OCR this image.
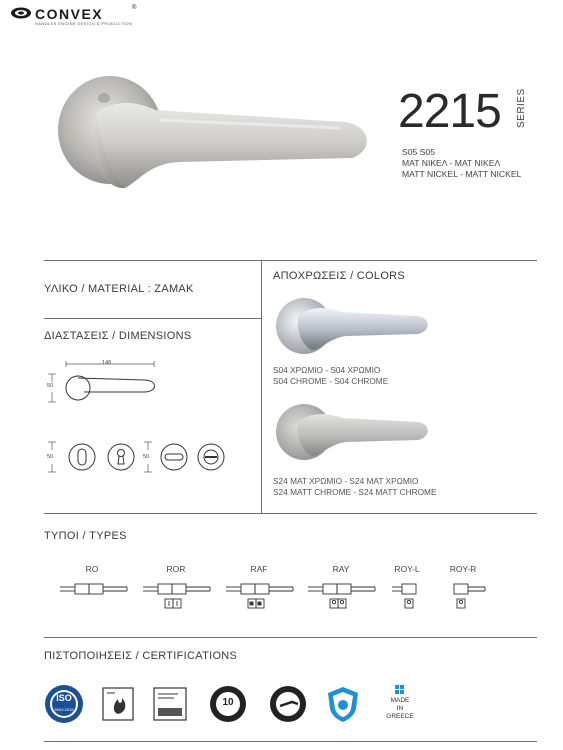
CONVEX	®
HANDLES ENGINE DESIGN & PRODUCTION
2215 SERIES
S05 S05
ΜΑΤ ΝΙΚΕΛ - ΜΑΤ ΝΙΚΕΛ
MATT NICKEL - MATT NICKEL
ΥΛΙΚΟ / MATERIAL : ZAMAK
ΔΙΑΣΤΑΣΕΙΣ / DIMENSIONS
148
50
50	50
ΑΠΟΧΡΩΣΕΙΣ / COLORS
S04 ΧΡΩΜΙΟ - S04 ΧΡΩΜΙΟ
S04 CHROME - S04 CHROME
S24 ΜΑΤ ΧΡΩΜΙΟ - S24 ΜΑΤ ΧΡΩΜΙΟ
S24 MATT CHROME - S24 MATT CHROME
ΤΥΠΟΙ / TYPES
RO	ROR	RAF	RAY	ROY-L	ROY-R
ΠΙΣΤΟΠΟΙΗΣΕΙΣ / CERTIFICATIONS
ISO
9001:2015
10	MADE
IN
GREECE
